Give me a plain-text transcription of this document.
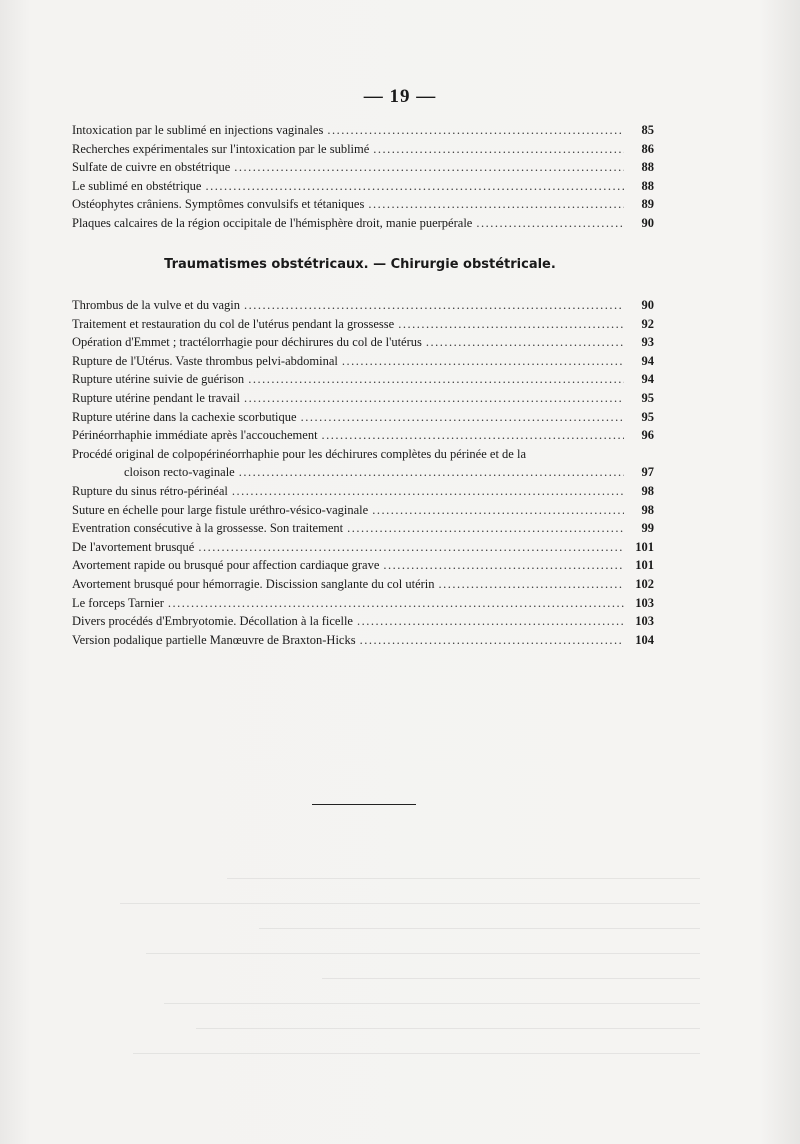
— 19 —
Intoxication par le sublimé en injections vaginales .....	85
Recherches expérimentales sur l'intoxication par le sublimé .....	86
Sulfate de cuivre en obstétrique .....	88
Le sublimé en obstétrique .....	88
Ostéophytes crâniens. Symptômes convulsifs et tétaniques .....	89
Plaques calcaires de la région occipitale de l'hémisphère droit, manie puerpérale .....	90
Traumatismes obstétricaux. — Chirurgie obstétricale.
Thrombus de la vulve et du vagin .....	90
Traitement et restauration du col de l'utérus pendant la grossesse .....	92
Opération d'Emmet ; tractélorrhagie pour déchirures du col de l'utérus .....	93
Rupture de l'Utérus. Vaste thrombus pelvi-abdominal .....	94
Rupture utérine suivie de guérison .....	94
Rupture utérine pendant le travail .....	95
Rupture utérine dans la cachexie scorbutique .....	95
Périnéorrhaphie immédiate après l'accouchement .....	96
Procédé original de colpopérinéorrhaphie pour les déchirures complètes du périnée et de la
cloison recto-vaginale .....	97
Rupture du sinus rétro-périnéal .....	98
Suture en échelle pour large fistule uréthro-vésico-vaginale .....	98
Eventration consécutive à la grossesse. Son traitement .....	99
De l'avortement brusqué .....	101
Avortement rapide ou brusqué pour affection cardiaque grave .....	101
Avortement brusqué pour hémorragie. Discission sanglante du col utérin .....	102
Le forceps Tarnier .....	103
Divers procédés d'Embryotomie. Décollation à la ficelle .....	103
Version podalique partielle Manœuvre de Braxton-Hicks .....	104
